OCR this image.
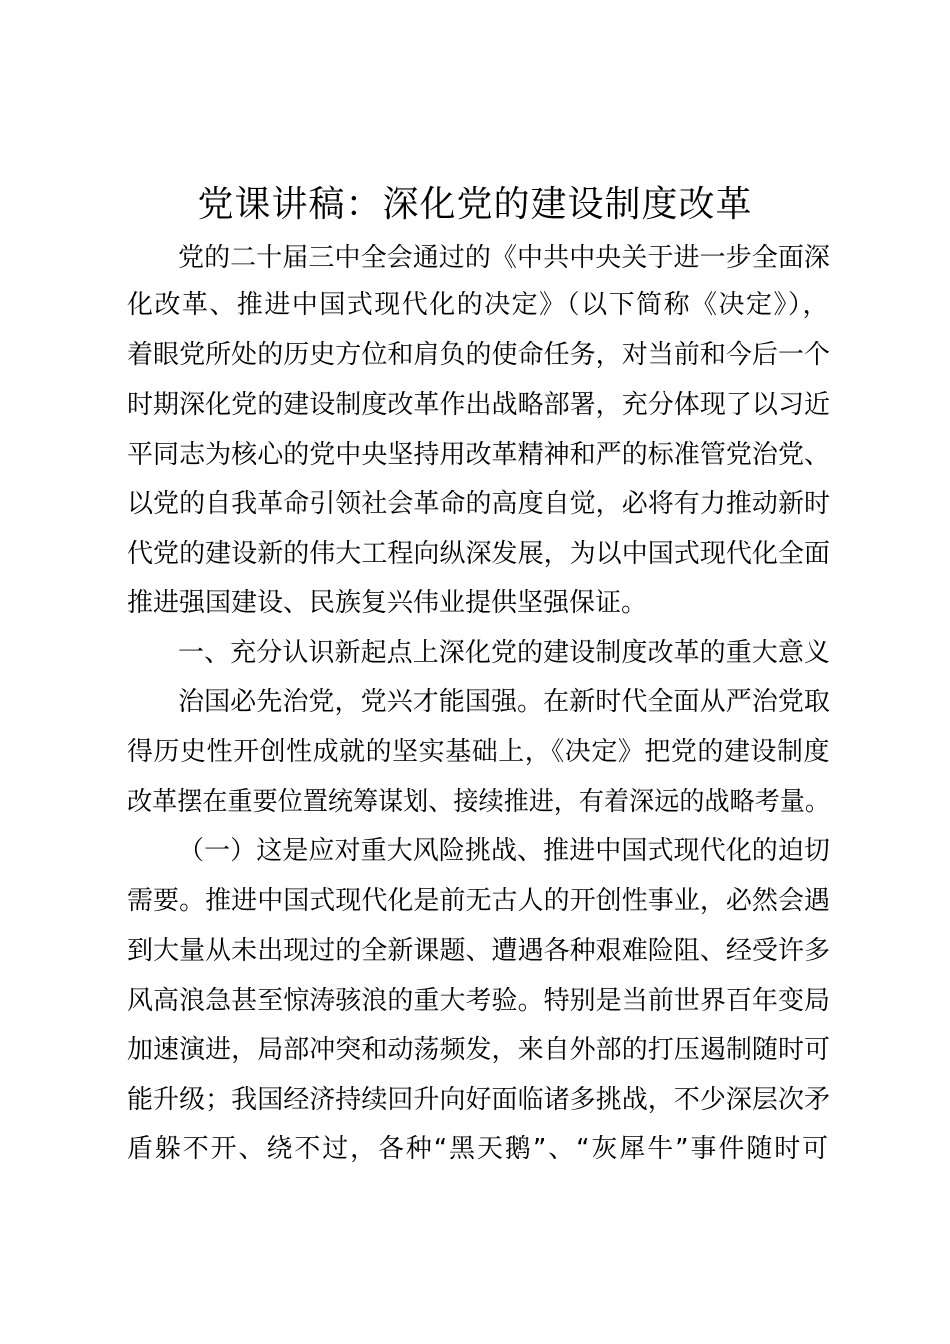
党课讲稿：深化党的建设制度改革
党的二十届三中全会通过的《中共中央关于进一步全面深
化改革、推进中国式现代化的决定》（以下简称《决定》），
着眼党所处的历史方位和肩负的使命任务，对当前和今后一个
时期深化党的建设制度改革作出战略部署，充分体现了以习近
平同志为核心的党中央坚持用改革精神和严的标准管党治党、
以党的自我革命引领社会革命的高度自觉，必将有力推动新时
代党的建设新的伟大工程向纵深发展，为以中国式现代化全面
推进强国建设、民族复兴伟业提供坚强保证。
一、充分认识新起点上深化党的建设制度改革的重大意义
治国必先治党，党兴才能国强。在新时代全面从严治党取
得历史性开创性成就的坚实基础上，《决定》把党的建设制度
改革摆在重要位置统筹谋划、接续推进，有着深远的战略考量。
（一）这是应对重大风险挑战、推进中国式现代化的迫切
需要。推进中国式现代化是前无古人的开创性事业，必然会遇
到大量从未出现过的全新课题、遭遇各种艰难险阻、经受许多
风高浪急甚至惊涛骇浪的重大考验。特别是当前世界百年变局
加速演进，局部冲突和动荡频发，来自外部的打压遏制随时可
能升级；我国经济持续回升向好面临诸多挑战，不少深层次矛
盾躲不开、绕不过，各种“黑天鹅”、“灰犀牛”事件随时可
